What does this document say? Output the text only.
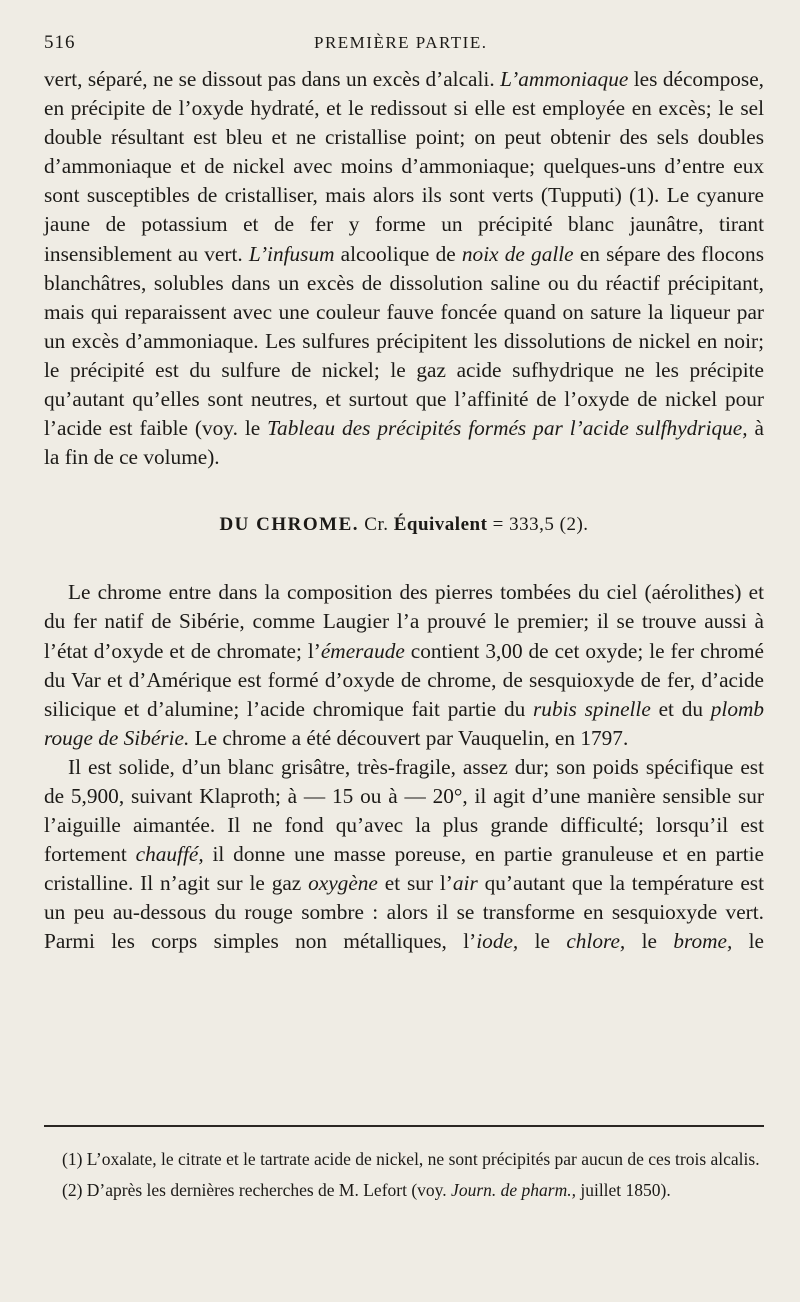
516	PREMIÈRE PARTIE.

vert, séparé, ne se dissout pas dans un excès d’alcali. L’ammoniaque les décompose, en précipite de l’oxyde hydraté, et le redissout si elle est employée en excès; le sel double résultant est bleu et ne cristallise point; on peut obtenir des sels doubles d’ammoniaque et de nickel avec moins d’ammoniaque; quelques-uns d’entre eux sont susceptibles de cristalliser, mais alors ils sont verts (Tupputi) (1). Le cyanure jaune de potassium et de fer y forme un précipité blanc jaunâtre, tirant insensiblement au vert. L’infusum alcoolique de noix de galle en sépare des flocons blanchâtres, solubles dans un excès de dissolution saline ou du réactif précipitant, mais qui reparaissent avec une couleur fauve foncée quand on sature la liqueur par un excès d’ammoniaque. Les sulfures précipitent les dissolutions de nickel en noir; le précipité est du sulfure de nickel; le gaz acide sufhydrique ne les précipite qu’autant qu’elles sont neutres, et surtout que l’affinité de l’oxyde de nickel pour l’acide est faible (voy. le Tableau des précipités formés par l’acide sulfhydrique, à la fin de ce volume).

DU CHROME. Cr. Équivalent = 333,5 (2).

Le chrome entre dans la composition des pierres tombées du ciel (aérolithes) et du fer natif de Sibérie, comme Laugier l’a prouvé le premier; il se trouve aussi à l’état d’oxyde et de chromate; l’émeraude contient 3,00 de cet oxyde; le fer chromé du Var et d’Amérique est formé d’oxyde de chrome, de sesquioxyde de fer, d’acide silicique et d’alumine; l’acide chromique fait partie du rubis spinelle et du plomb rouge de Sibérie. Le chrome a été découvert par Vauquelin, en 1797.

Il est solide, d’un blanc grisâtre, très-fragile, assez dur; son poids spécifique est de 5,900, suivant Klaproth; à — 15 ou à — 20°, il agit d’une manière sensible sur l’aiguille aimantée. Il ne fond qu’avec la plus grande difficulté; lorsqu’il est fortement chauffé, il donne une masse poreuse, en partie granuleuse et en partie cristalline. Il n’agit sur le gaz oxygène et sur l’air qu’autant que la température est un peu au-dessous du rouge sombre : alors il se transforme en sesquioxyde vert. Parmi les corps simples non métalliques, l’iode, le chlore, le brome, le

(1) L’oxalate, le citrate et le tartrate acide de nickel, ne sont précipités par aucun de ces trois alcalis.

(2) D’après les dernières recherches de M. Lefort (voy. Journ. de pharm., juillet 1850).
